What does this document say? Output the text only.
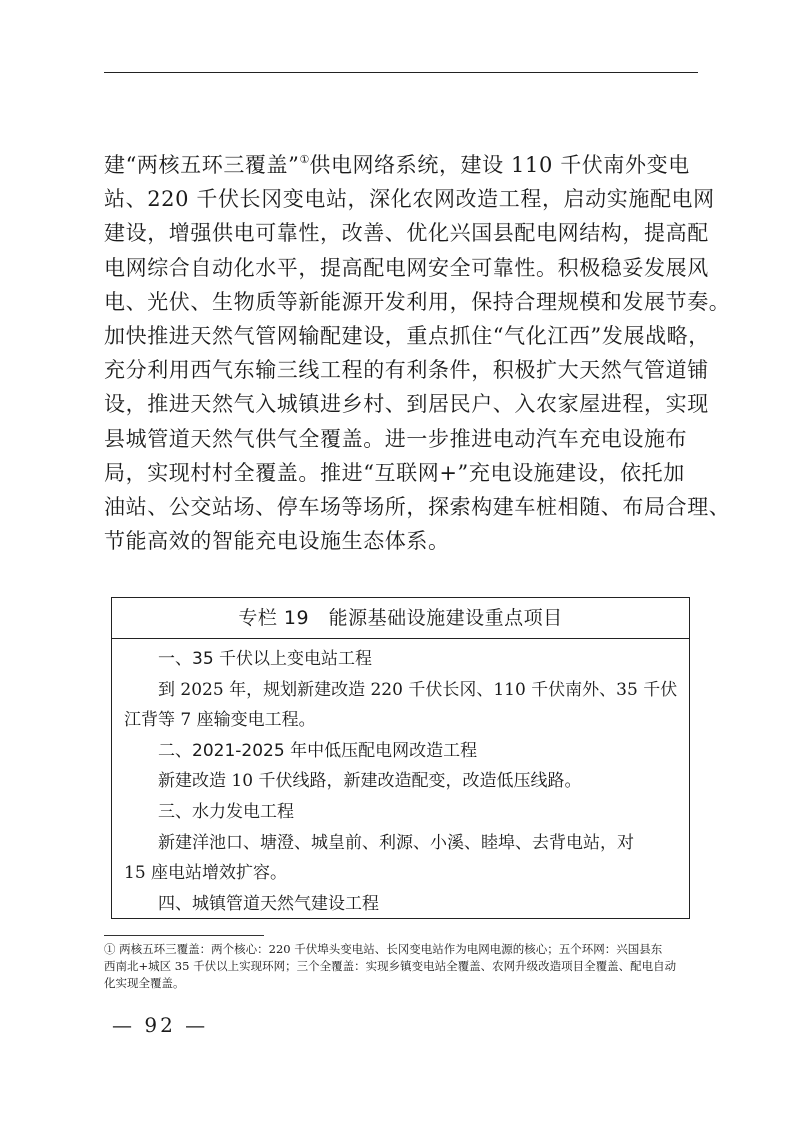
建“两核五环三覆盖”①供电网络系统，建设 110 千伏南外变电
站、220 千伏长冈变电站，深化农网改造工程，启动实施配电网
建设，增强供电可靠性，改善、优化兴国县配电网结构，提高配
电网综合自动化水平，提高配电网安全可靠性。积极稳妥发展风
电、光伏、生物质等新能源开发利用，保持合理规模和发展节奏。
加快推进天然气管网输配建设，重点抓住“气化江西”发展战略，
充分利用西气东输三线工程的有利条件，积极扩大天然气管道铺
设，推进天然气入城镇进乡村、到居民户、入农家屋进程，实现
县城管道天然气供气全覆盖。进一步推进电动汽车充电设施布
局，实现村村全覆盖。推进“互联网+”充电设施建设，依托加
油站、公交站场、停车场等场所，探索构建车桩相随、布局合理、
节能高效的智能充电设施生态体系。
专栏 19　能源基础设施建设重点项目
一、35 千伏以上变电站工程
到 2025 年，规划新建改造 220 千伏长冈、110 千伏南外、35 千伏
江背等 7 座输变电工程。
二、2021-2025 年中低压配电网改造工程
新建改造 10 千伏线路，新建改造配变，改造低压线路。
三、水力发电工程
新建洋池口、塘澄、城皇前、利源、小溪、睦埠、去背电站，对
15 座电站增效扩容。
四、城镇管道天然气建设工程
① 两核五环三覆盖：两个核心：220 千伏埠头变电站、长冈变电站作为电网电源的核心；五个环网：兴国县东
西南北+城区 35 千伏以上实现环网；三个全覆盖：实现乡镇变电站全覆盖、农网升级改造项目全覆盖、配电自动
化实现全覆盖。
— 92 —
